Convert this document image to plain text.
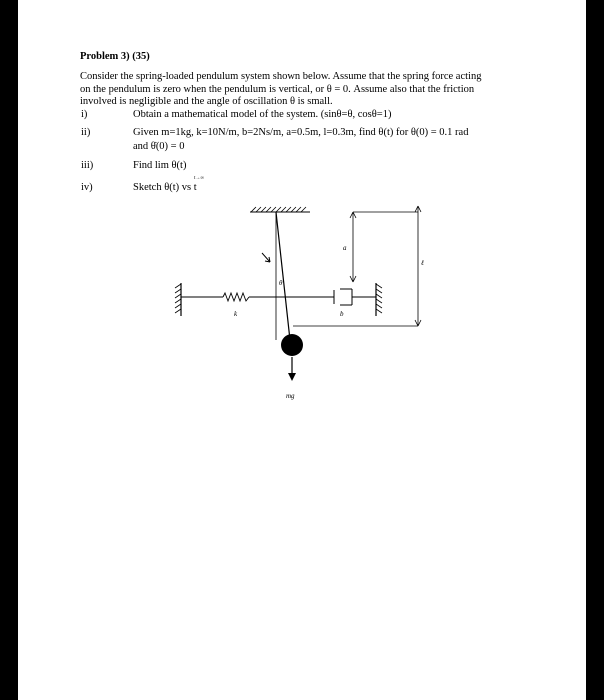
Problem 3) (35)
Consider the spring-loaded pendulum system shown below. Assume that the spring force acting
on the pendulum is zero when the pendulum is vertical, or θ = 0. Assume also that the friction
involved is negligible and the angle of oscillation θ is small.
i)	Obtain a mathematical model of the system. (sinθ=θ, cosθ=1)
ii)	Given m=1kg, k=10N/m, b=2Ns/m, a=0.5m, l=0.3m, find θ(t) for θ(0) = 0.1 rad
and θ̇(0) = 0
iii)	Find lim θ(t)
t→∞
iv)	Sketch θ(t) vs t
θ
a
ℓ
k	b
mg
